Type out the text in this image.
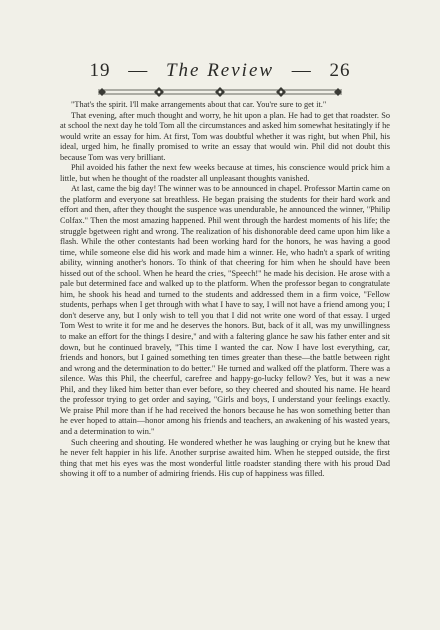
19 — The Review — 26

"That's the spirit. I'll make arrangements about that car. You're sure to get it."

That evening, after much thought and worry, he hit upon a plan. He had to get that roadster. So at school the next day he told Tom all the circumstances and asked him somewhat hesitatingly if he would write an essay for him. At first, Tom was doubtful whether it was right, but when Phil, his ideal, urged him, he finally promised to write an essay that would win. Phil did not doubt this because Tom was very brilliant.

Phil avoided his father the next few weeks because at times, his conscience would prick him a little, but when he thought of the roadster all unpleasant thoughts vanished.

At last, came the big day! The winner was to be announced in chapel. Professor Martin came on the platform and everyone sat breathless. He began praising the students for their hard work and effort and then, after they thought the suspence was unendurable, he announced the winner, "Philip Colfax." Then the most amazing happened. Phil went through the hardest moments of his life; the struggle bgetween right and wrong. The realization of his dishonorable deed came upon him like a flash. While the other contestants had been working hard for the honors, he was having a good time, while someone else did his work and made him a winner. He, who hadn't a spark of writing ability, winning another's honors. To think of that cheering for him when he should have been hissed out of the school. When he heard the cries, "Speech!" he made his decision. He arose with a pale but determined face and walked up to the platform. When the professor began to congratulate him, he shook his head and turned to the students and addressed them in a firm voice, "Fellow students, perhaps when I get through with what I have to say, I will not have a friend among you; I don't deserve any, but I only wish to tell you that I did not write one word of that essay. I urged Tom West to write it for me and he deserves the honors. But, back of it all, was my unwillingness to make an effort for the things I desire," and with a faltering glance he saw his father enter and sit down, but he continued bravely, "This time I wanted the car. Now I have lost everything, car, friends and honors, but I gained something ten times greater than these—the battle between right and wrong and the determination to do better." He turned and walked off the platform. There was a silence. Was this Phil, the cheerful, carefree and happy-go-lucky fellow? Yes, but it was a new Phil, and they liked him better than ever before, so they cheered and shouted his name. He heard the professor trying to get order and saying, "Girls and boys, I understand your feelings exactly. We praise Phil more than if he had received the honors because he has won something better than he ever hoped to attain—honor among his friends and teachers, an awakening of his wasted years, and a determination to win."

Such cheering and shouting. He wondered whether he was laughing or crying but he knew that he never felt happier in his life. Another surprise awaited him. When he stepped outside, the first thing that met his eyes was the most wonderful little roadster standing there with his proud Dad showing it off to a number of admiring friends. His cup of happiness was filled.
